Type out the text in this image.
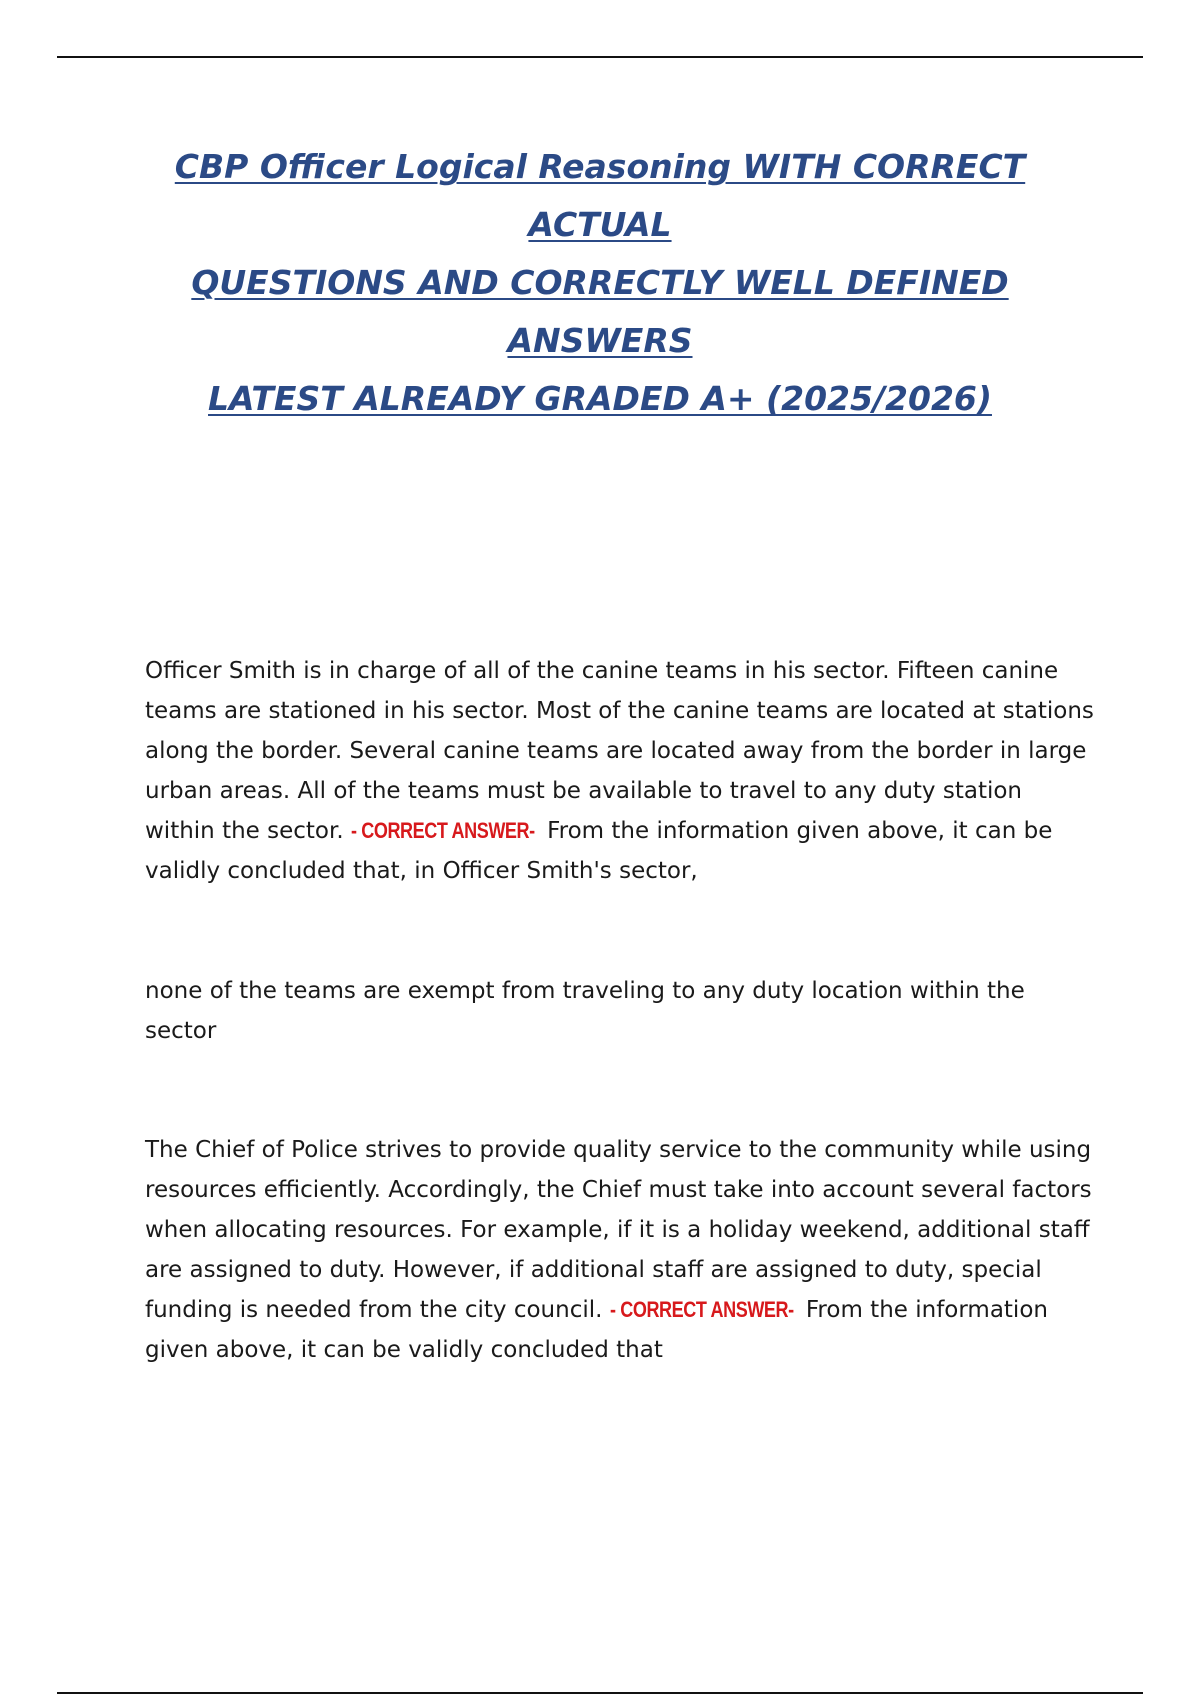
CBP Officer Logical Reasoning WITH CORRECT ACTUAL
QUESTIONS AND CORRECTLY WELL DEFINED ANSWERS
LATEST ALREADY GRADED A+ (2025/2026)
Officer Smith is in charge of all of the canine teams in his sector. Fifteen canine teams are stationed in his sector. Most of the canine teams are located at stations along the border. Several canine teams are located away from the border in large urban areas. All of the teams must be available to travel to any duty station within the sector. - CORRECT ANSWER- From the information given above, it can be validly concluded that, in Officer Smith's sector,
none of the teams are exempt from traveling to any duty location within the sector
The Chief of Police strives to provide quality service to the community while using resources efficiently. Accordingly, the Chief must take into account several factors when allocating resources. For example, if it is a holiday weekend, additional staff are assigned to duty. However, if additional staff are assigned to duty, special funding is needed from the city council. - CORRECT ANSWER- From the information given above, it can be validly concluded that
